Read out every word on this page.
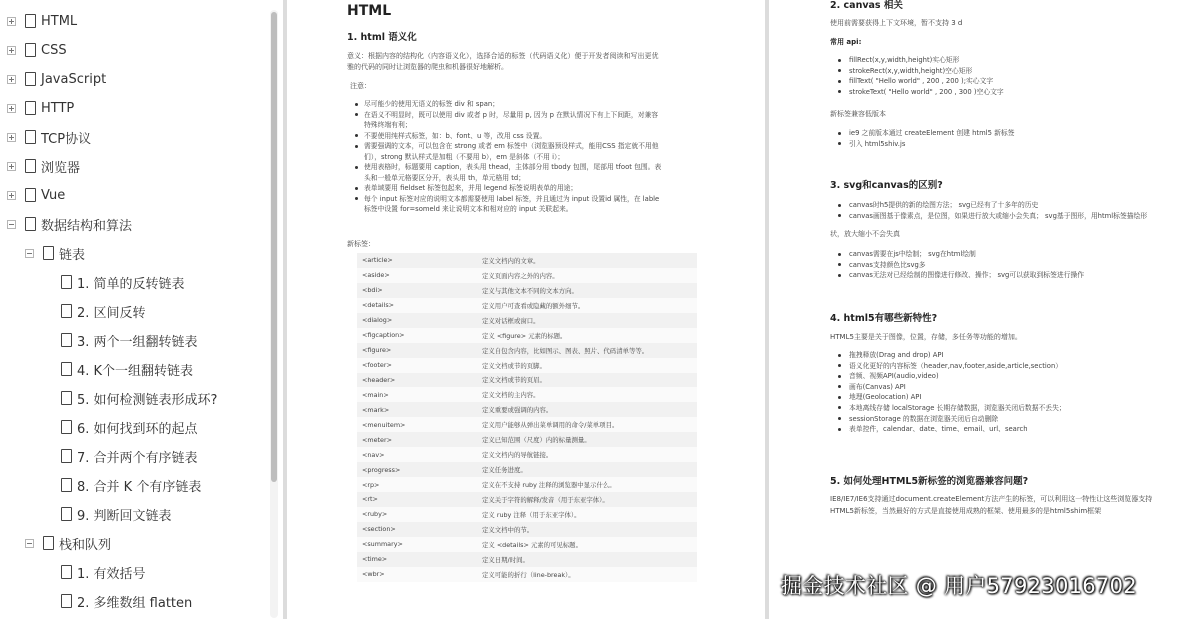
HTML
CSS
JavaScript
HTTP
TCP协议
浏览器
Vue
数据结构和算法
链表
1. 简单的反转链表
2. 区间反转
3. 两个一组翻转链表
4. K个一组翻转链表
5. 如何检测链表形成环?
6. 如何找到环的起点
7. 合并两个有序链表
8. 合并 K 个有序链表
9. 判断回文链表
栈和队列
1. 有效括号
2. 多维数组 flatten
HTML
1. html 语义化
意义：根据内容的结构化（内容语义化），选择合适的标签（代码语义化）便于开发者阅读和写出更优
雅的代码的同时让浏览器的爬虫和机器很好地解析。
注意：
尽可能少的使用无语义的标签 div 和 span；
在语义不明显时，既可以使用 div 或者 p 时，尽量用 p, 因为 p 在默认情况下有上下间距，对兼容
特殊终端有利；
不要使用纯样式标签，如：b、font、u 等，改用 css 设置。
需要强调的文本，可以包含在 strong 或者 em 标签中（浏览器预设样式，能用CSS 指定就不用他
们），strong 默认样式是加粗（不要用 b），em 是斜体（不用 i）；
使用表格时，标题要用 caption，表头用 thead，主体部分用 tbody 包围，尾部用 tfoot 包围。表
头和一般单元格要区分开，表头用 th，单元格用 td；
表单域要用 fieldset 标签包起来，并用 legend 标签说明表单的用途；
每个 input 标签对应的说明文本都需要使用 label 标签，并且通过为 input 设置id 属性，在 lable
标签中设置 for=someld 来让说明文本和相对应的 input 关联起来。
新标签：
<article>	定义文档内的文章。
<aside>	定义页面内容之外的内容。
<bdi>	定义与其他文本不同的文本方向。
<details>	定义用户可查看或隐藏的额外细节。
<dialog>	定义对话框或窗口。
<figcaption>	定义 <figure> 元素的标题。
<figure>	定义自包含内容，比如图示、图表、照片、代码清单等等。
<footer>	定义文档或节的页脚。
<header>	定义文档或节的页眉。
<main>	定义文档的主内容。
<mark>	定义重要或强调的内容。
<menuitem>	定义用户能够从弹出菜单调用的命令/菜单项目。
<meter>	定义已知范围（尺度）内的标量测量。
<nav>	定义文档内的导航链接。
<progress>	定义任务进度。
<rp>	定义在不支持 ruby 注释的浏览器中显示什么。
<rt>	定义关于字符的解释/发音（用于东亚字体）。
<ruby>	定义 ruby 注释（用于东亚字体）。
<section>	定义文档中的节。
<summary>	定义 <details> 元素的可见标题。
<time>	定义日期/时间。
<wbr>	定义可能的折行（line-break）。
2. canvas 相关
使用前需要获得上下文环境，暂不支持 3 d
常用 api:
fillRect(x,y,width,height)实心矩形
strokeRect(x,y,width,height)空心矩形
fillText( "Hello world" , 200 , 200 );实心文字
strokeText( "Hello world" , 200 , 300 )空心文字
新标签兼容低版本
ie9 之前版本通过 createElement 创建 html5 新标签
引入 html5shiv.js
3. svg和canvas的区别?
canvas时h5提供的新的绘图方法； svg已经有了十多年的历史
canvas画图基于像素点，是位图，如果进行放大或缩小会失真； svg基于图形，用html标签描绘形
状，放大缩小不会失真
canvas需要在js中绘制； svg在html绘制
canvas支持颜色比svg多
canvas无法对已经绘制的图像进行修改、操作； svg可以获取到标签进行操作
4. html5有哪些新特性?
HTML5主要是关于图像，位置，存储，多任务等功能的增加。
拖拽释放(Drag and drop) API
语义化更好的内容标签（header,nav,footer,aside,article,section）
音频、视频API(audio,video)
画布(Canvas) API
地理(Geolocation) API
本地离线存储 localStorage 长期存储数据，浏览器关闭后数据不丢失；
sessionStorage 的数据在浏览器关闭后自动删除
表单控件，calendar、date、time、email、url、search
5. 如何处理HTML5新标签的浏览器兼容问题?
IE8/IE7/IE6支持通过document.createElement方法产生的标签，可以利用这一特性让这些浏览器支持
HTML5新标签，当然最好的方式是直接使用成熟的框架、使用最多的是html5shim框架
掘金技术社区 @ 用户57923016702
